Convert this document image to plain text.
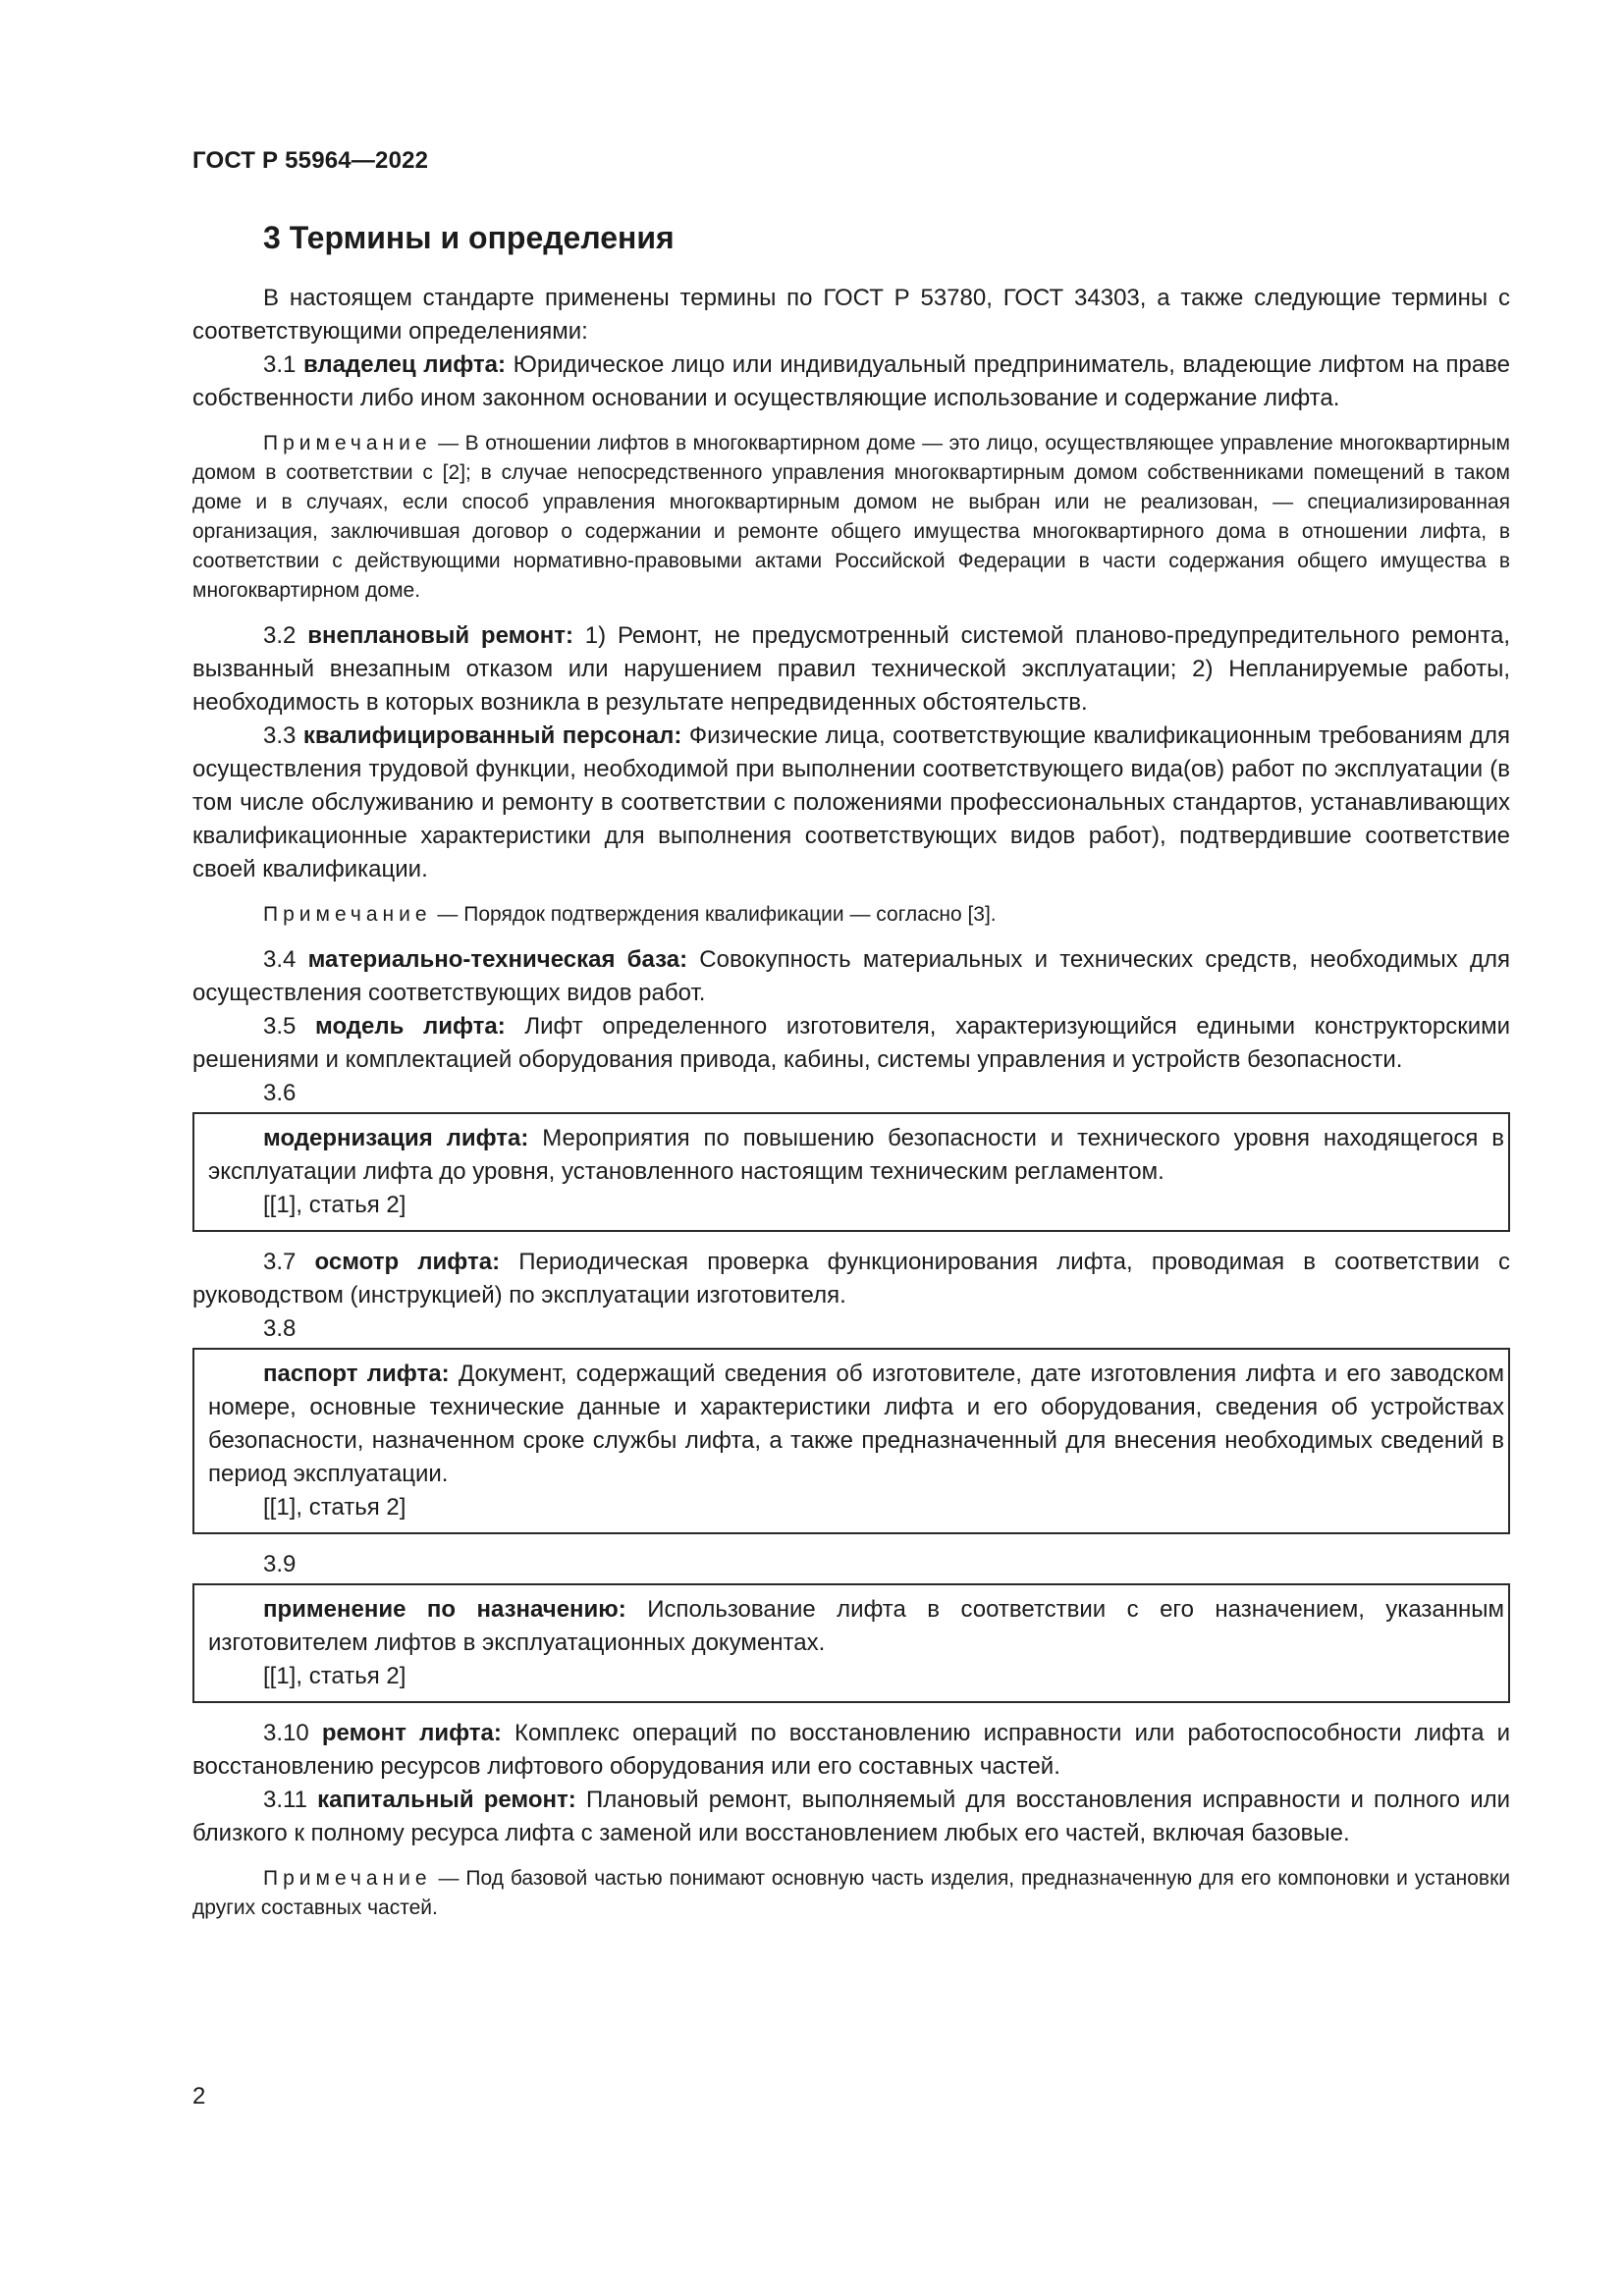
ГОСТ Р 55964—2022
3 Термины и определения

В настоящем стандарте применены термины по ГОСТ Р 53780, ГОСТ 34303, а также следующие термины с соответствующими определениями:

3.1 владелец лифта: Юридическое лицо или индивидуальный предприниматель, владеющие лифтом на праве собственности либо ином законном основании и осуществляющие использование и содержание лифта.

Примечание — В отношении лифтов в многоквартирном доме — это лицо, осуществляющее управление многоквартирным домом в соответствии с [2]; в случае непосредственного управления многоквартирным домом собственниками помещений в таком доме и в случаях, если способ управления многоквартирным домом не выбран или не реализован, — специализированная организация, заключившая договор о содержании и ремонте общего имущества многоквартирного дома в отношении лифта, в соответствии с действующими нормативно-правовыми актами Российской Федерации в части содержания общего имущества в многоквартирном доме.

3.2 внеплановый ремонт: 1) Ремонт, не предусмотренный системой планово-предупредительного ремонта, вызванный внезапным отказом или нарушением правил технической эксплуатации; 2) Непланируемые работы, необходимость в которых возникла в результате непредвиденных обстоятельств.

3.3 квалифицированный персонал: Физические лица, соответствующие квалификационным требованиям для осуществления трудовой функции, необходимой при выполнении соответствующего вида(ов) работ по эксплуатации (в том числе обслуживанию и ремонту в соответствии с положениями профессиональных стандартов, устанавливающих квалификационные характеристики для выполнения соответствующих видов работ), подтвердившие соответствие своей квалификации.

Примечание — Порядок подтверждения квалификации — согласно [3].

3.4 материально-техническая база: Совокупность материальных и технических средств, необходимых для осуществления соответствующих видов работ.

3.5 модель лифта: Лифт определенного изготовителя, характеризующийся едиными конструкторскими решениями и комплектацией оборудования привода, кабины, системы управления и устройств безопасности.

3.6

модернизация лифта: Мероприятия по повышению безопасности и технического уровня находящегося в эксплуатации лифта до уровня, установленного настоящим техническим регламентом.

[[1], статья 2]

3.7 осмотр лифта: Периодическая проверка функционирования лифта, проводимая в соответствии с руководством (инструкцией) по эксплуатации изготовителя.

3.8

паспорт лифта: Документ, содержащий сведения об изготовителе, дате изготовления лифта и его заводском номере, основные технические данные и характеристики лифта и его оборудования, сведения об устройствах безопасности, назначенном сроке службы лифта, а также предназначенный для внесения необходимых сведений в период эксплуатации.

[[1], статья 2]

3.9

применение по назначению: Использование лифта в соответствии с его назначением, указанным изготовителем лифтов в эксплуатационных документах.

[[1], статья 2]

3.10 ремонт лифта: Комплекс операций по восстановлению исправности или работоспособности лифта и восстановлению ресурсов лифтового оборудования или его составных частей.

3.11 капитальный ремонт: Плановый ремонт, выполняемый для восстановления исправности и полного или близкого к полному ресурса лифта с заменой или восстановлением любых его частей, включая базовые.

Примечание — Под базовой частью понимают основную часть изделия, предназначенную для его компоновки и установки других составных частей.

2
